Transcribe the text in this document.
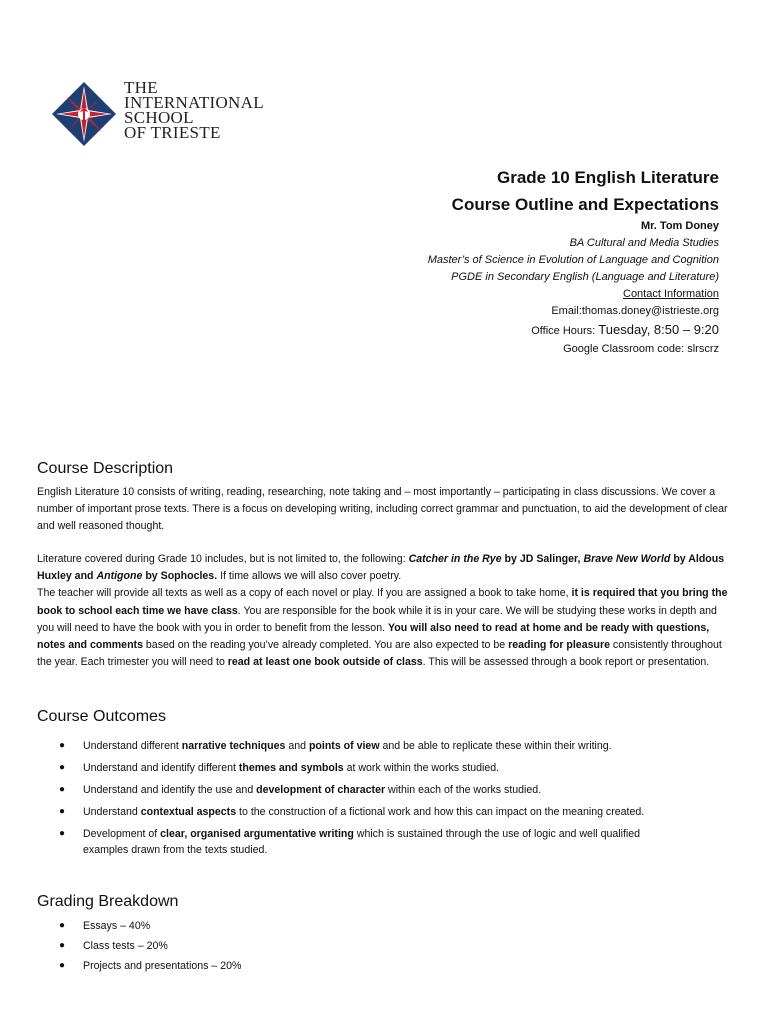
THE
INTERNATIONAL
SCHOOL
OF TRIESTE
Grade 10 English Literature
Course Outline and Expectations
Mr. Tom Doney
BA Cultural and Media Studies
Master’s of Science in Evolution of Language and Cognition
PGDE in Secondary English (Language and Literature)
Contact Information
Email:thomas.doney@istrieste.org
Office Hours: Tuesday, 8:50 – 9:20
Google Classroom code: slrscrz
Course Description
English Literature 10 consists of writing, reading, researching, note taking and – most importantly – participating in class discussions. We cover a number of important prose texts. There is a focus on developing writing, including correct grammar and punctuation, to aid the development of clear and well reasoned thought.
Literature covered during Grade 10 includes, but is not limited to, the following: Catcher in the Rye by JD Salinger, Brave New World by Aldous Huxley and Antigone by Sophocles. If time allows we will also cover poetry.
The teacher will provide all texts as well as a copy of each novel or play. If you are assigned a book to take home, it is required that you bring the book to school each time we have class. You are responsible for the book while it is in your care. We will be studying these works in depth and you will need to have the book with you in order to benefit from the lesson. You will also need to read at home and be ready with questions, notes and comments based on the reading you’ve already completed. You are also expected to be reading for pleasure consistently throughout the year. Each trimester you will need to read at least one book outside of class. This will be assessed through a book report or presentation.
Course Outcomes
● Understand different narrative techniques and points of view and be able to replicate these within their writing.
● Understand and identify different themes and symbols at work within the works studied.
● Understand and identify the use and development of character within each of the works studied.
● Understand contextual aspects to the construction of a fictional work and how this can impact on the meaning created.
● Development of clear, organised argumentative writing which is sustained through the use of logic and well qualified examples drawn from the texts studied.
Grading Breakdown
● Essays – 40%
● Class tests – 20%
● Projects and presentations – 20%
